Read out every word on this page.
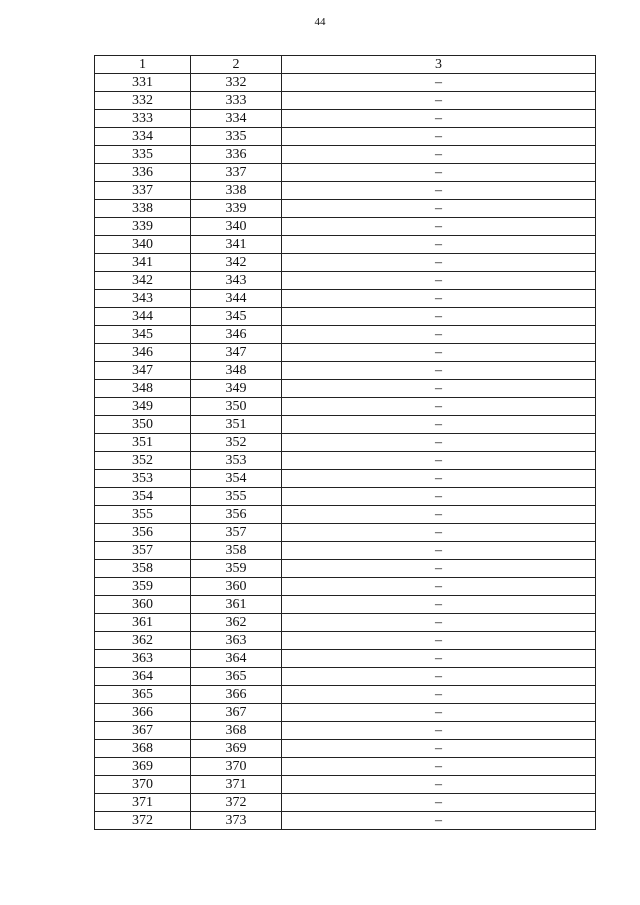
44
1	2	3
331	332	–
332	333	–
333	334	–
334	335	–
335	336	–
336	337	–
337	338	–
338	339	–
339	340	–
340	341	–
341	342	–
342	343	–
343	344	–
344	345	–
345	346	–
346	347	–
347	348	–
348	349	–
349	350	–
350	351	–
351	352	–
352	353	–
353	354	–
354	355	–
355	356	–
356	357	–
357	358	–
358	359	–
359	360	–
360	361	–
361	362	–
362	363	–
363	364	–
364	365	–
365	366	–
366	367	–
367	368	–
368	369	–
369	370	–
370	371	–
371	372	–
372	373	–
